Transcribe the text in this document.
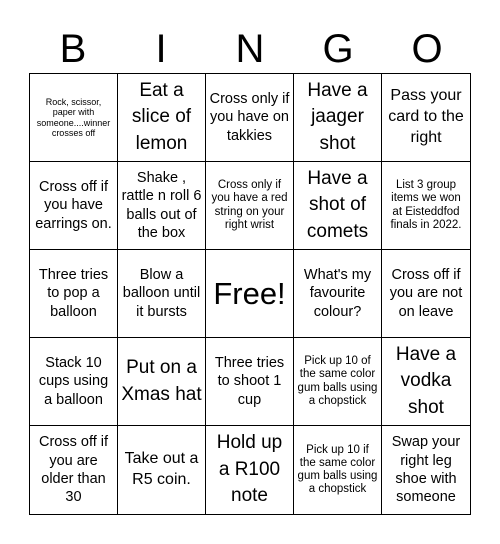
B	I	N	G	O
Rock, scissor, paper with someone....winner crosses off
Eat a slice of lemon
Cross only if you have on takkies
Have a jaager shot
Pass your card to the right
Cross off if you have earrings on.
Shake , rattle n roll 6 balls out of the box
Cross only if you have a red string on your right wrist
Have a shot of comets
List 3 group items we won at Eisteddfod finals in 2022.
Three tries to pop a balloon
Blow a balloon until it bursts
Free!
What's my favourite colour?
Cross off if you are not on leave
Stack 10 cups using a balloon
Put on a Xmas hat
Three tries to shoot 1 cup
Pick up 10 of the same color gum balls using a chopstick
Have a vodka shot
Cross off if you are older than 30
Take out a R5 coin.
Hold up a R100 note
Pick up 10 if the same color gum balls using a chopstick
Swap your right leg shoe with someone
